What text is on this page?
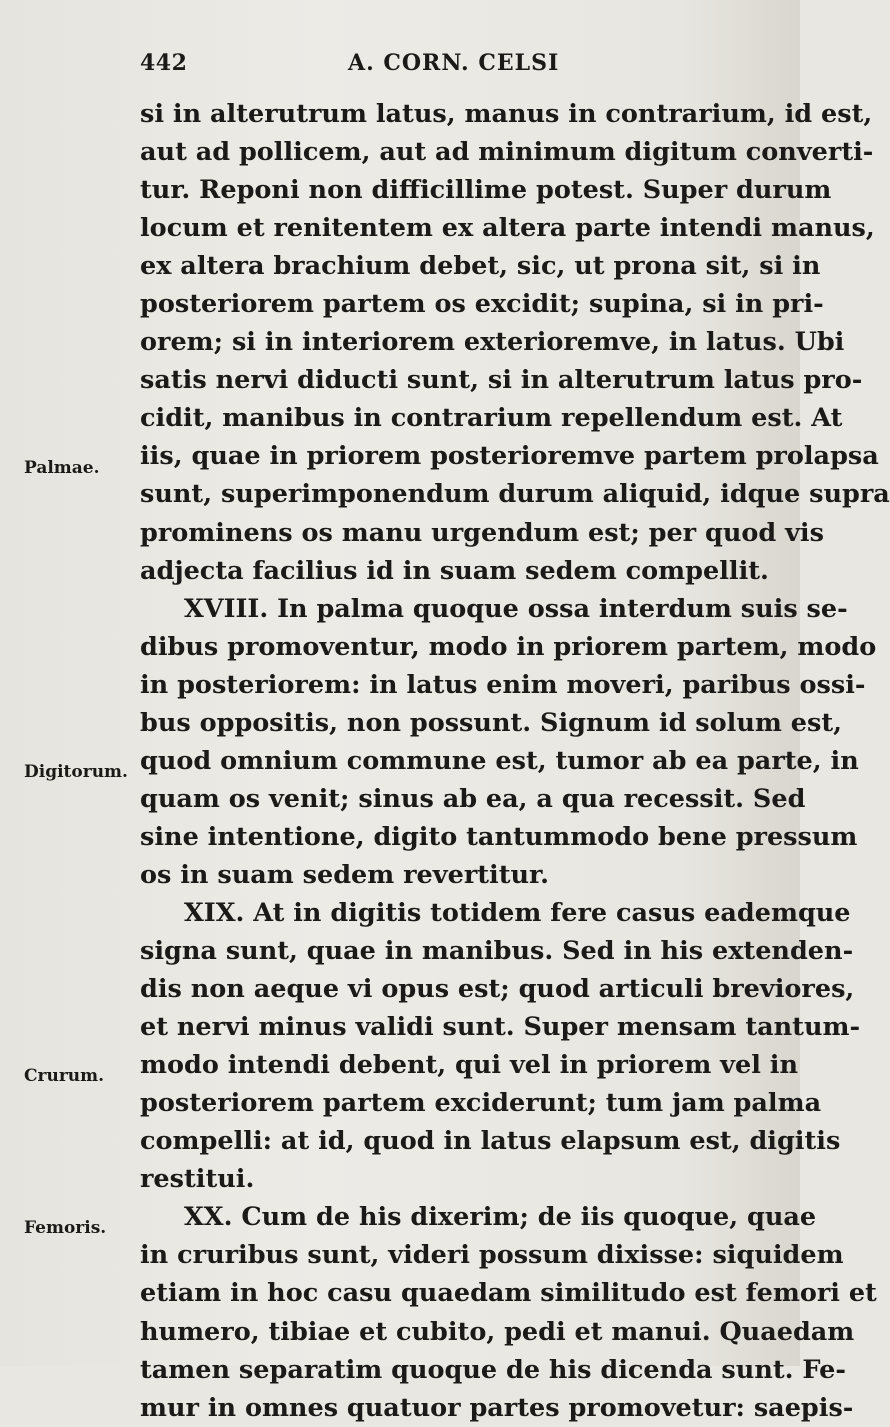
442	A. CORN. CELSI
Palmae.
Digitorum.
Crurum.
Femoris.
si in alterutrum latus, manus in contrarium, id est,
aut ad pollicem, aut ad minimum digitum converti-
tur. Reponi non difficillime potest. Super durum
locum et renitentem ex altera parte intendi manus,
ex altera brachium debet, sic, ut prona sit, si in
posteriorem partem os excidit; supina, si in pri-
orem; si in interiorem exterioremve, in latus. Ubi
satis nervi diducti sunt, si in alterutrum latus pro-
cidit, manibus in contrarium repellendum est. At
iis, quae in priorem posterioremve partem prolapsa
sunt, superimponendum durum aliquid, idque supra
prominens os manu urgendum est; per quod vis
adjecta facilius id in suam sedem compellit.
XVIII. In palma quoque ossa interdum suis se-
dibus promoventur, modo in priorem partem, modo
in posteriorem: in latus enim moveri, paribus ossi-
bus oppositis, non possunt. Signum id solum est,
quod omnium commune est, tumor ab ea parte, in
quam os venit; sinus ab ea, a qua recessit. Sed
sine intentione, digito tantummodo bene pressum
os in suam sedem revertitur.
XIX. At in digitis totidem fere casus eademque
signa sunt, quae in manibus. Sed in his extenden-
dis non aeque vi opus est; quod articuli breviores,
et nervi minus validi sunt. Super mensam tantum-
modo intendi debent, qui vel in priorem vel in
posteriorem partem exciderunt; tum jam palma
compelli: at id, quod in latus elapsum est, digitis
restitui.
XX. Cum de his dixerim; de iis quoque, quae
in cruribus sunt, videri possum dixisse: siquidem
etiam in hoc casu quaedam similitudo est femori et
humero, tibiae et cubito, pedi et manui. Quaedam
tamen separatim quoque de his dicenda sunt. Fe-
mur in omnes quatuor partes promovetur: saepis-
